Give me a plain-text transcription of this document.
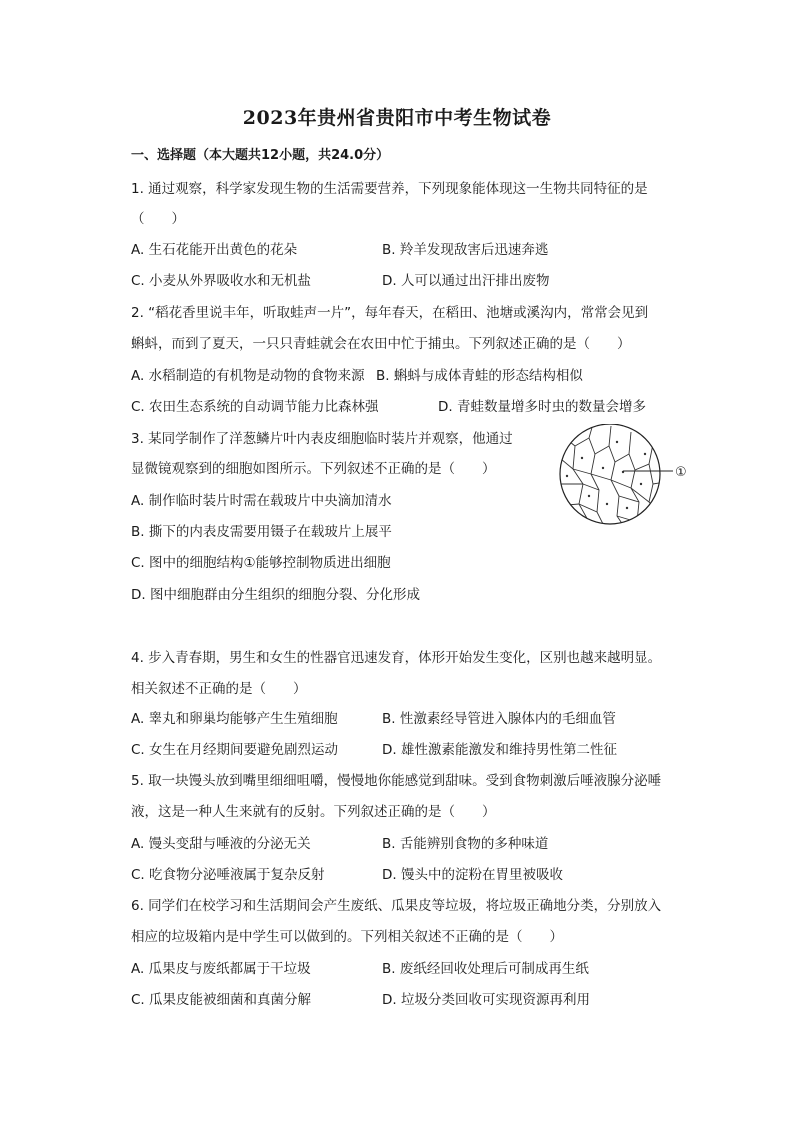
2023年贵州省贵阳市中考生物试卷
一、选择题（本大题共12小题，共24.0分）
1. 通过观察，科学家发现生物的生活需要营养，下列现象能体现这一生物共同特征的是
（　　）
A. 生石花能开出黄色的花朵	B. 羚羊发现敌害后迅速奔逃
C. 小麦从外界吸收水和无机盐	D. 人可以通过出汗排出废物
2. “稻花香里说丰年，听取蛙声一片”，每年春天，在稻田、池塘或溪沟内，常常会见到
蝌蚪，而到了夏天，一只只青蛙就会在农田中忙于捕虫。下列叙述正确的是（　　）
A. 水稻制造的有机物是动物的食物来源 B. 蝌蚪与成体青蛙的形态结构相似
C. 农田生态系统的自动调节能力比森林强	D. 青蛙数量增多时虫的数量会增多
3. 某同学制作了洋葱鳞片叶内表皮细胞临时装片并观察，他通过
显微镜观察到的细胞如图所示。下列叙述不正确的是（　　）
A. 制作临时装片时需在载玻片中央滴加清水
B. 撕下的内表皮需要用镊子在载玻片上展平
C. 图中的细胞结构①能够控制物质进出细胞
D. 图中细胞群由分生组织的细胞分裂、分化形成
①
4. 步入青春期，男生和女生的性器官迅速发育，体形开始发生变化，区别也越来越明显。
相关叙述不正确的是（　　）
A. 睾丸和卵巢均能够产生生殖细胞	B. 性激素经导管进入腺体内的毛细血管
C. 女生在月经期间要避免剧烈运动	D. 雄性激素能激发和维持男性第二性征
5. 取一块馒头放到嘴里细细咀嚼，慢慢地你能感觉到甜味。受到食物刺激后唾液腺分泌唾
液，这是一种人生来就有的反射。下列叙述正确的是（　　）
A. 馒头变甜与唾液的分泌无关	B. 舌能辨别食物的多种味道
C. 吃食物分泌唾液属于复杂反射	D. 馒头中的淀粉在胃里被吸收
6. 同学们在校学习和生活期间会产生废纸、瓜果皮等垃圾，将垃圾正确地分类，分别放入
相应的垃圾箱内是中学生可以做到的。下列相关叙述不正确的是（　　）
A. 瓜果皮与废纸都属于干垃圾	B. 废纸经回收处理后可制成再生纸
C. 瓜果皮能被细菌和真菌分解	D. 垃圾分类回收可实现资源再利用
